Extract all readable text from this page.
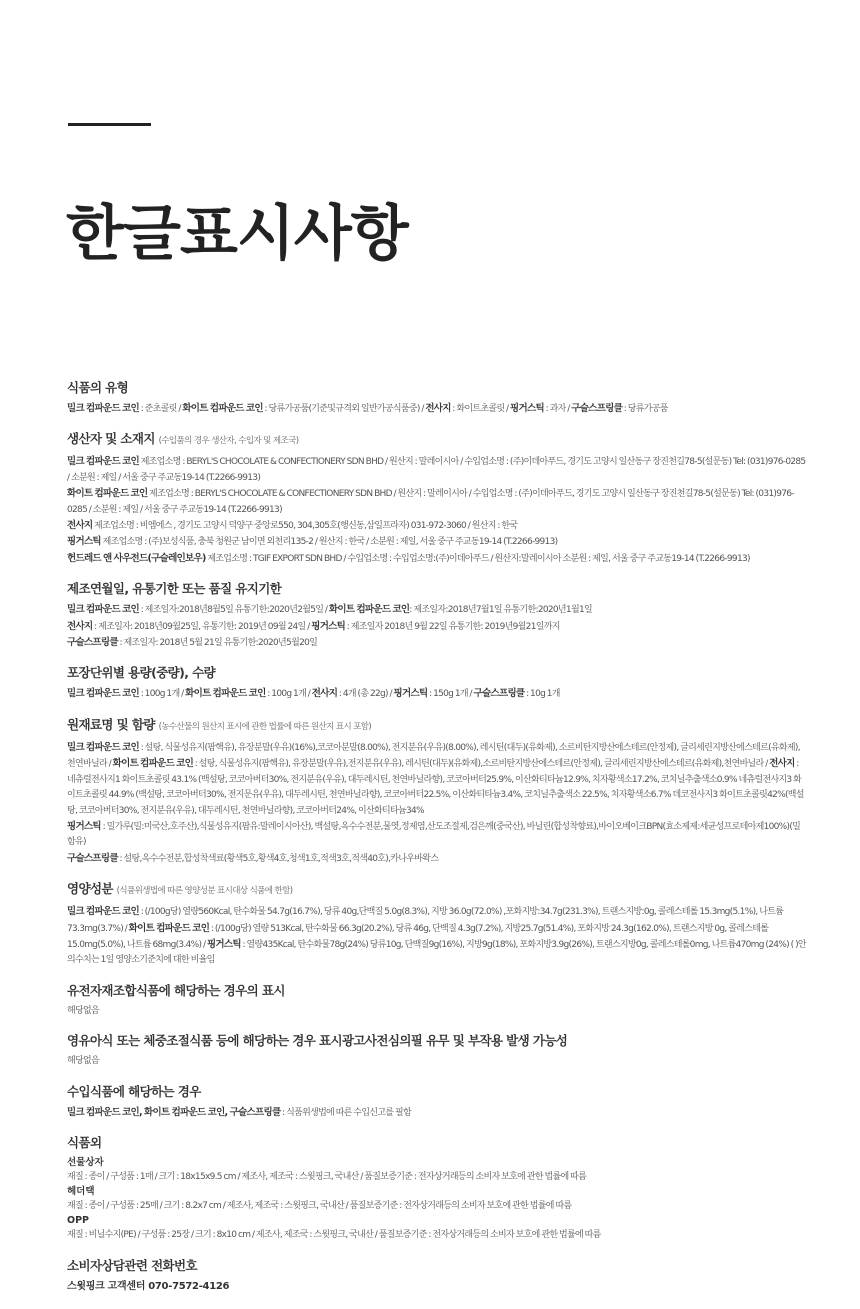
한글표시사항
식품의 유형
밀크 컴파운드 코인 : 준초콜릿 / 화이트 컴파운드 코인 : 당류가공품(기준및규격외 일반가공식품중) / 전사지 : 화이트초콜릿 / 핑거스틱 : 과자 / 구슬스프링클 : 당류가공품
생산자 및 소재지 (수입품의 경우 생산자, 수입자 및 제조국)
밀크 컴파운드 코인 제조업소명 : BERYL'S CHOCOLATE & CONFECTIONERY SDN BHD / 원산지 : 말레이시아 / 수입업소명 : (주)이데아푸드, 경기도 고양시 일산동구 장진천길78-5(설문동) Tel: (031)976-0285 / 소분원 : 제일 / 서울 중구 주교동19-14 (T.2266-9913)
화이트 컴파운드 코인 제조업소명 : BERYL'S CHOCOLATE & CONFECTIONERY SDN BHD / 원산지 : 말레이시아 / 수입업소명 : (주)이데아푸드, 경기도 고양시 일산동구 장진천길78-5(설문동) Tel: (031)976-0285 / 소분원 : 제일 / 서울 중구 주교동19-14 (T.2266-9913)
전사지 제조업소명 : 비엠에스 , 경기도 고양시 덕양구 중앙로550, 304,305호(행신동,삼일프라자) 031-972-3060 / 원산지 : 한국
핑거스틱 제조업소명 : (주)보성식품, 충북 청원군 남이면 외천리135-2 / 원산지 : 한국 / 소분원 : 제일, 서울 중구 주교동19-14 (T.2266-9913)
헌드레드 앤 사우전드(구슬레인보우) 제조업소명 : TGIF EXPORT SDN BHD / 수입업소명 : 수입업소명:(주)이데아푸드 / 원산지:말레이시아 소분원 : 제일, 서울 중구 주교동19-14 (T.2266-9913)
제조연월일, 유통기한 또는 품질 유지기한
밀크 컴파운드 코인 : 제조일자:2018년8월5일 유통기한:2020년2월5일 / 화이트 컴파운드 코인: 제조일자:2018년7월1일 유통기한:2020년1월1일
전사지 : 제조일자: 2018년09월25일, 유통기한: 2019년 09월 24일 / 핑거스틱 : 제조일자 2018년 9월 22일 유통기한: 2019년9월21일까지
구슬스프링클 : 제조일자: 2018년 5월 21일 유통기한:2020년5월20일
포장단위별 용량(중량), 수량
밀크 컴파운드 코인 : 100g 1개 / 화이트 컴파운드 코인 : 100g 1개 / 전사지 : 4개 (총 22g) / 핑거스틱 : 150g 1개 / 구슬스프링클 : 10g 1개
원재료명 및 함량 (농수산물의 원산지 표시에 관한 법률에 따른 원산지 표시 포함)
밀크 컴파운드 코인 : 설탕, 식물성유지(팜핵유), 유장분말(우유)(16%),코코아분말(8.00%), 전지분유(우유)(8.00%), 레시틴(대두)(유화제), 소르비탄지방산에스테르(안정제), 글리세린지방산에스테르(유화제),천연바닐라 / 화이트 컴파운드 코인 : 설탕, 식물성유지(팜핵유), 유장분말(우유),전지분유(우유), 레시틴(대두)(유화제),소르비탄지방산에스테르(안정제), 글리세린지방산에스테르(유화제),천연바닐라 / 전사지 : 네츄럴전사지1 화이트초콜릿 43.1% (백설탕, 코코아버터30%, 전지분유(우유), 대두레시틴, 천연바닐라향), 코코아버터25.9%, 이산화티타늄12.9%, 치자황색소17.2%, 코치닐추출색소0.9% 네츄럴전사지3 화이트초콜릿 44.9% (백설탕, 코코아버터30%, 전지문유(우유), 대두레시틴, 천연바닐라향), 코코아버터22.5%, 이산화티타늄3.4%, 코치닐추출색소 22.5%, 치자황색소6.7% 데코전사지3 화이트초콜릿42%(백설탕, 코코아버터30%, 전지분유(우유), 대두레시틴, 천연바닐라향), 코코아버터24%, 이산화티타늄34%
핑거스틱 : 밀가루(밀:미국산,호주산),식물성유지(팜유:말레이시아산), 백설탕,옥수수전분,물엿,정제염,산도조절제,검은깨(중국산), 바닐린(합성착향료),바이오베이크BPN(효소제제:세균성프로테아제100%)(밀함유)
구슬스프링클 : 설탕,옥수수전분,합성착색료(황색5호,황색4호,청색1호,적색3호,적색40호),카나우바왁스
영양성분 (식품위생법에 따른 영양성분 표시대상 식품에 한함)
밀크 컴파운드 코인 : (/100g당) 열량560Kcal, 탄수화물 54.7g(16.7%), 당류 40g,단백질 5.0g(8.3%), 지방 36.0g(72.0%) ,포화지방:34.7g(231.3%), 트랜스지방:0g, 콜레스테롤 15.3mg(5.1%), 나트륨 73.3mg(3.7%) / 화이트 컴파운드 코인 : (/100g당) 열량 513Kcal, 탄수화물 66.3g(20.2%), 당류 46g, 단백질 4.3g(7.2%), 지방25.7g(51.4%), 포화지방 24.3g(162.0%), 트랜스지방 0g, 콜레스테롤 15.0mg(5.0%), 나트륨 68mg(3.4%) / 핑거스틱 : 열량435Kcal, 탄수화물78g(24%) 당류10g, 단백질9g(16%), 지방9g(18%), 포화지방3.9g(26%), 트랜스지방0g, 콜레스테롤0mg, 나트륨470mg (24%) ( )안의수치는 1일 영양소기준치에 대한 비율임
유전자재조합식품에 해당하는 경우의 표시
해당없음
영유아식 또는 체중조절식품 등에 해당하는 경우 표시광고사전심의필 유무 및 부작용 발생 가능성
해당없음
수입식품에 해당하는 경우
밀크 컴파운드 코인, 화이트 컴파운드 코인, 구슬스프링클 : 식품위생법에 따른 수입신고를 필함
식품외
선물상자
재질 : 종이 / 구성품 : 1매 / 크기 : 18x15x9.5 cm / 제조사, 제조국 : 스윗핑크, 국내산 / 품질보증기준 : 전자상거래등의 소비자 보호에 관한 법률에 따름
헤더택
재질 : 종이 / 구성품 : 25매 / 크기 : 8.2x7 cm / 제조사, 제조국 : 스윗핑크, 국내산 / 품질보증기준 : 전자상거래등의 소비자 보호에 관한 법률에 따름
OPP
재질 : 비닐수지(PE) / 구성품 : 25장 / 크기 : 8x10 cm / 제조사, 제조국 : 스윗핑크, 국내산 / 품질보증기준 : 전자상거래등의 소비자 보호에 관한 법률에 따름
소비자상담관련 전화번호
스윗핑크 고객센터 070-7572-4126
